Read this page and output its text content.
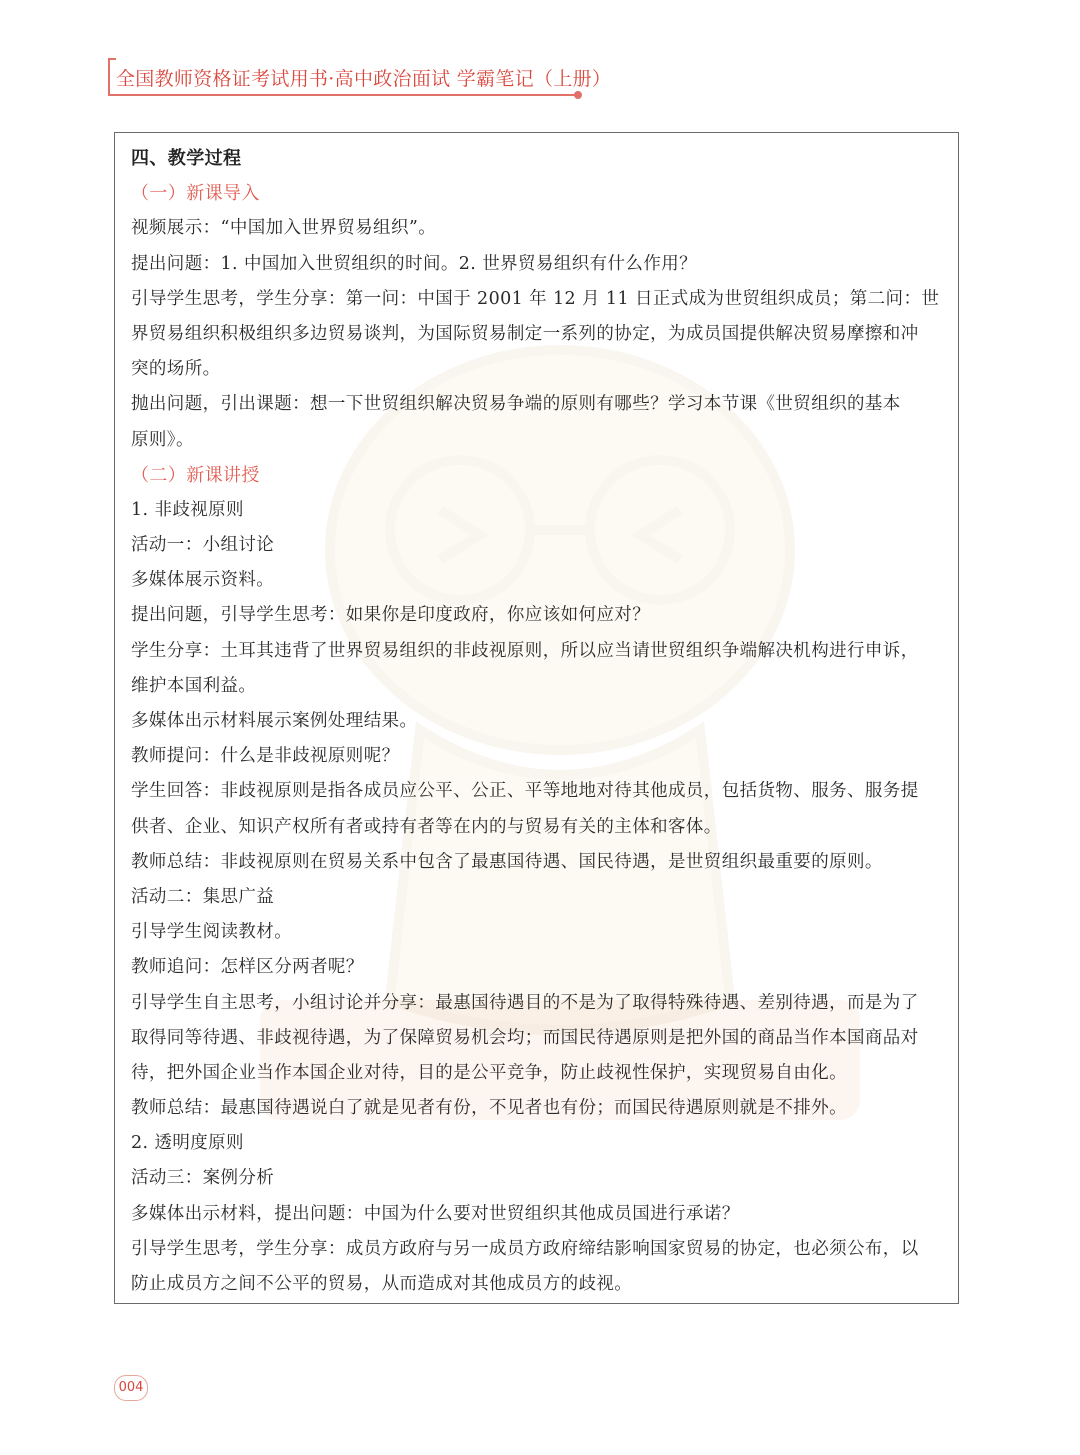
全国教师资格证考试用书·高中政治面试 学霸笔记（上册）
四、教学过程
（一）新课导入
视频展示：“中国加入世界贸易组织”。
提出问题：1. 中国加入世贸组织的时间。2. 世界贸易组织有什么作用？
引导学生思考，学生分享：第一问：中国于 2001 年 12 月 11 日正式成为世贸组织成员；第二问：世
界贸易组织积极组织多边贸易谈判，为国际贸易制定一系列的协定，为成员国提供解决贸易摩擦和冲
突的场所。
抛出问题，引出课题：想一下世贸组织解决贸易争端的原则有哪些？学习本节课《世贸组织的基本
原则》。
（二）新课讲授
1. 非歧视原则
活动一：小组讨论
多媒体展示资料。
提出问题，引导学生思考：如果你是印度政府，你应该如何应对？
学生分享：土耳其违背了世界贸易组织的非歧视原则，所以应当请世贸组织争端解决机构进行申诉，
维护本国利益。
多媒体出示材料展示案例处理结果。
教师提问：什么是非歧视原则呢？
学生回答：非歧视原则是指各成员应公平、公正、平等地地对待其他成员，包括货物、服务、服务提
供者、企业、知识产权所有者或持有者等在内的与贸易有关的主体和客体。
教师总结：非歧视原则在贸易关系中包含了最惠国待遇、国民待遇，是世贸组织最重要的原则。
活动二：集思广益
引导学生阅读教材。
教师追问：怎样区分两者呢？
引导学生自主思考，小组讨论并分享：最惠国待遇目的不是为了取得特殊待遇、差别待遇，而是为了
取得同等待遇、非歧视待遇，为了保障贸易机会均；而国民待遇原则是把外国的商品当作本国商品对
待，把外国企业当作本国企业对待，目的是公平竞争，防止歧视性保护，实现贸易自由化。
教师总结：最惠国待遇说白了就是见者有份，不见者也有份；而国民待遇原则就是不排外。
2. 透明度原则
活动三：案例分析
多媒体出示材料，提出问题：中国为什么要对世贸组织其他成员国进行承诺？
引导学生思考，学生分享：成员方政府与另一成员方政府缔结影响国家贸易的协定，也必须公布，以
防止成员方之间不公平的贸易，从而造成对其他成员方的歧视。
004
